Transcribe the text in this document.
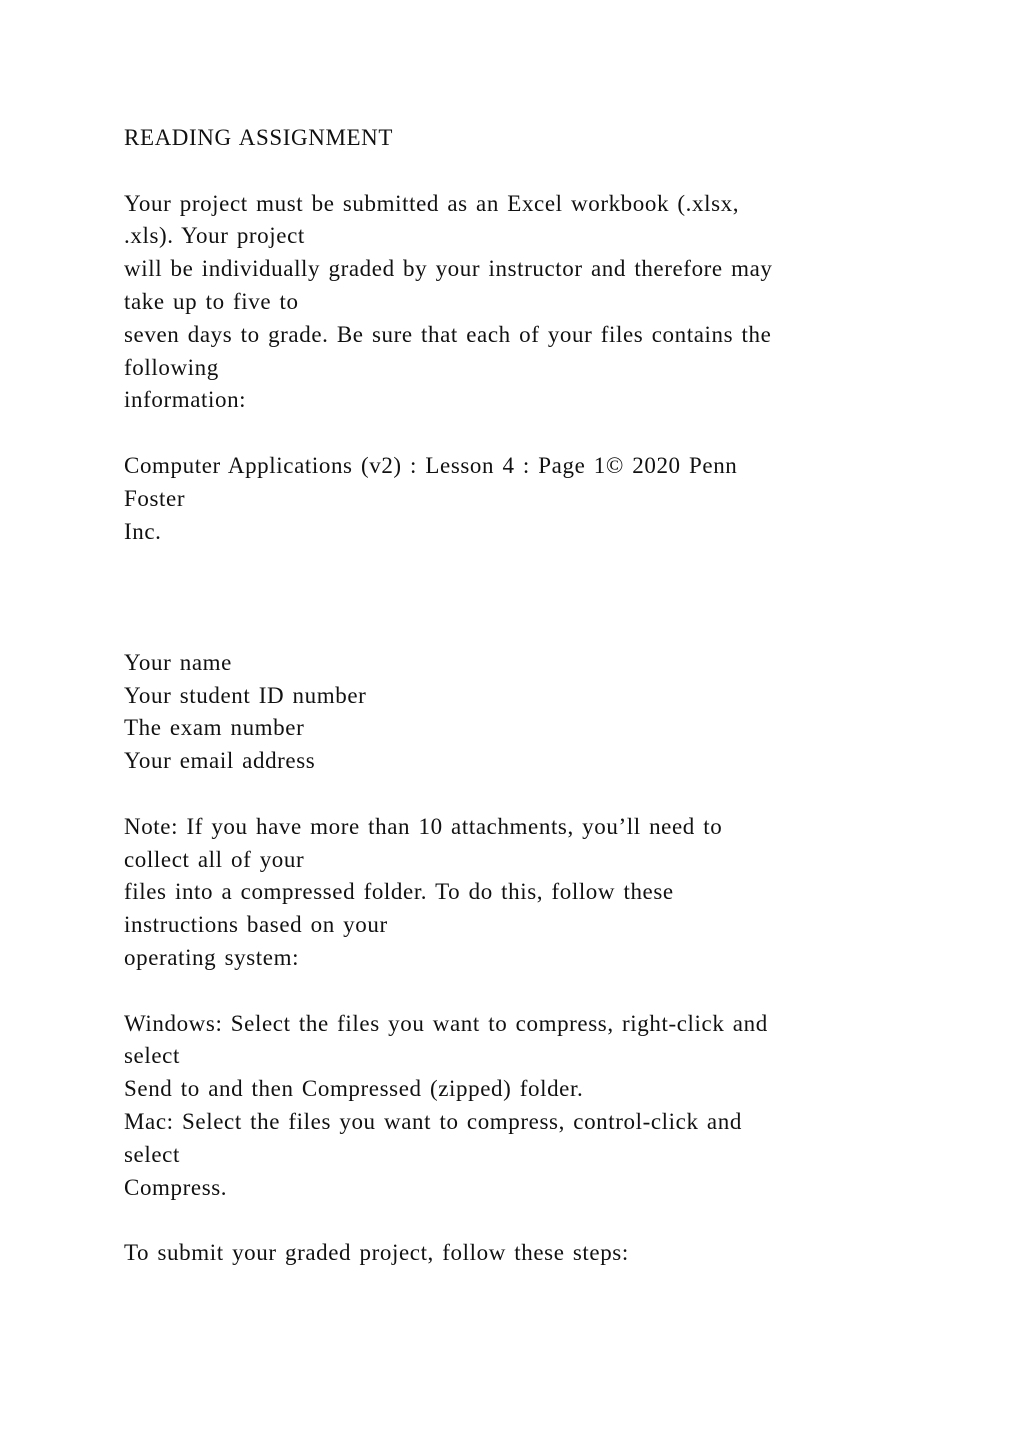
READING ASSIGNMENT
Your project must be submitted as an Excel workbook (.xlsx,
.xls). Your project
will be individually graded by your instructor and therefore may
take up to five to
seven days to grade. Be sure that each of your files contains the
following
information:
Computer Applications (v2) : Lesson 4 : Page 1© 2020 Penn
Foster
Inc.
Your name
Your student ID number
The exam number
Your email address
Note: If you have more than 10 attachments, you’ll need to
collect all of your
files into a compressed folder. To do this, follow these
instructions based on your
operating system:
Windows: Select the files you want to compress, right-click and
select
Send to and then Compressed (zipped) folder.
Mac: Select the files you want to compress, control-click and
select
Compress.
To submit your graded project, follow these steps:
